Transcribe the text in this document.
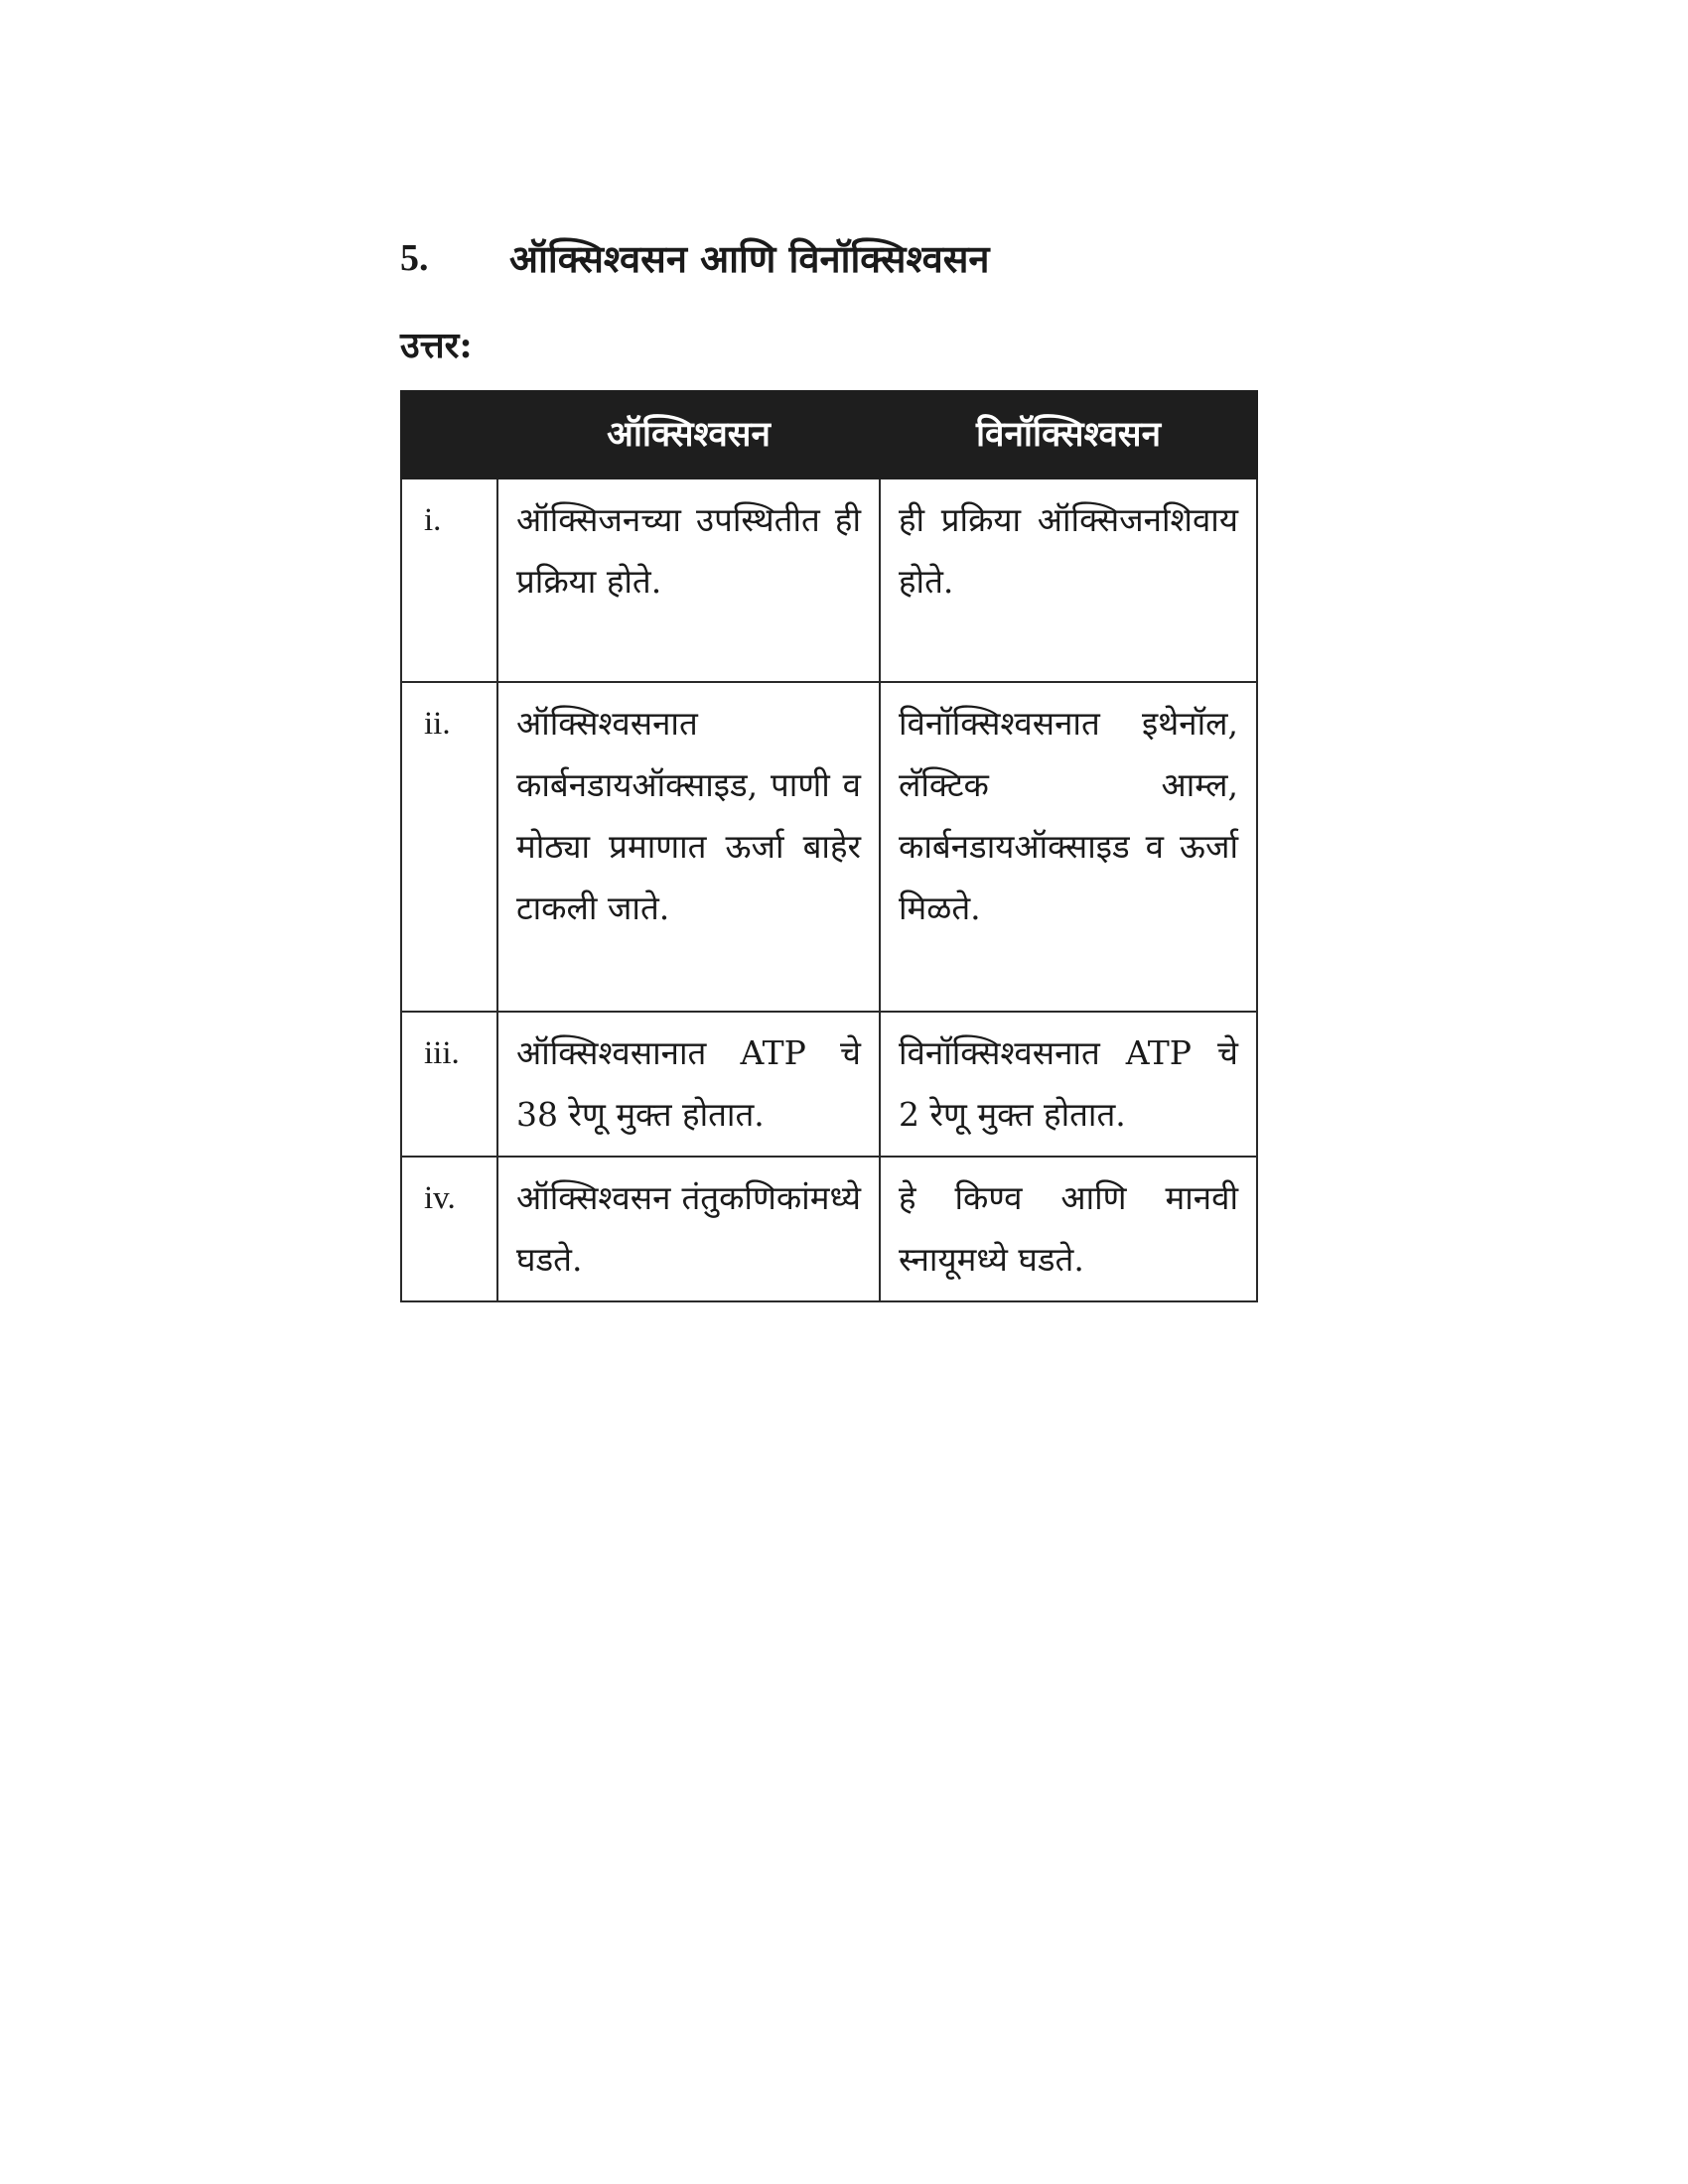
5.	ऑक्सिश्वसन आणि विनॉक्सिश्वसन
उत्तर:
	ऑक्सिश्वसन	विनॉक्सिश्वसन
i.	ऑक्सिजनच्या उपस्थितीत ही प्रक्रिया होते.	ही प्रक्रिया ऑक्सिजनशिवाय होते.
ii.	ऑक्सिश्वसनात कार्बनडायऑक्साइड, पाणी व मोठ्या प्रमाणात ऊर्जा बाहेर टाकली जाते.	विनॉक्सिश्वसनात इथेनॉल, लॅक्टिक आम्ल, कार्बनडायऑक्साइड व ऊर्जा मिळते.
iii.	ऑक्सिश्वसानात ATP चे 38 रेणू मुक्त होतात.	विनॉक्सिश्वसनात ATP चे 2 रेणू मुक्त होतात.
iv.	ऑक्सिश्वसन तंतुकणिकांमध्ये घडते.	हे किण्व आणि मानवी स्नायूमध्ये घडते.
